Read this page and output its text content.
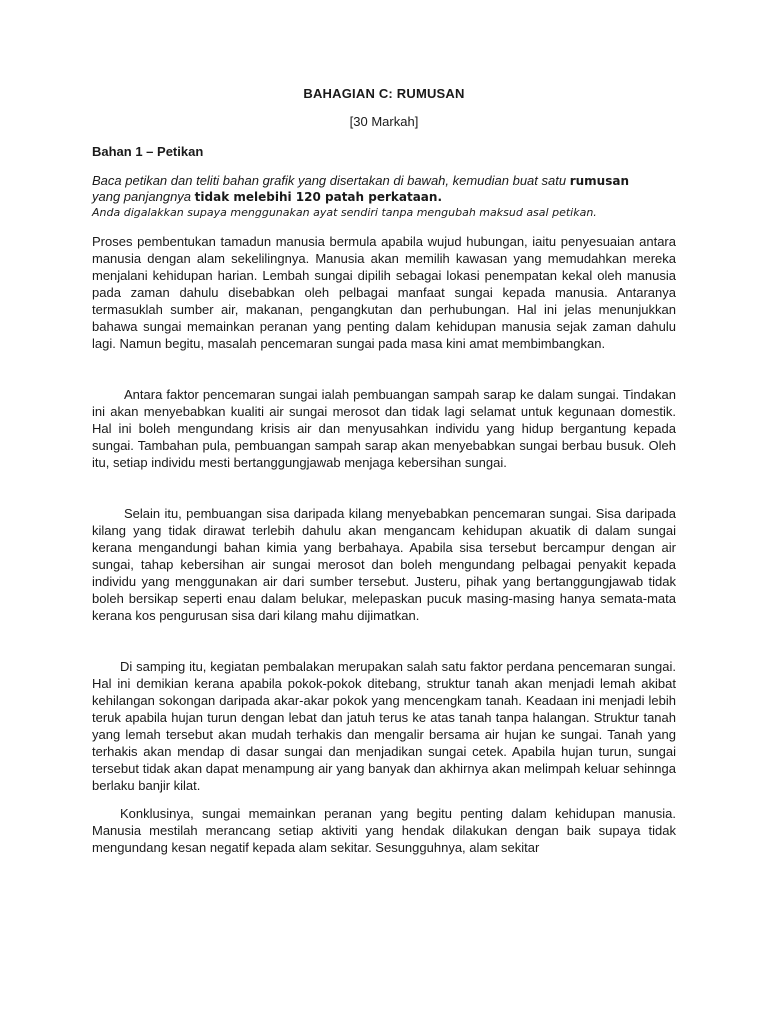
BAHAGIAN C: RUMUSAN
[30 Markah]
Bahan 1 – Petikan

Baca petikan dan teliti bahan grafik yang disertakan di bawah, kemudian buat satu rumusan
yang panjangnya tidak melebihi 120 patah perkataan.

Anda digalakkan supaya menggunakan ayat sendiri tanpa mengubah maksud asal petikan.

Proses pembentukan tamadun manusia bermula apabila wujud hubungan, iaitu penyesuaian antara manusia dengan alam sekelilingnya. Manusia akan memilih kawasan yang memudahkan mereka menjalani kehidupan harian. Lembah sungai dipilih sebagai lokasi penempatan kekal oleh manusia pada zaman dahulu disebabkan oleh pelbagai manfaat sungai kepada manusia. Antaranya termasuklah sumber air, makanan, pengangkutan dan perhubungan. Hal ini jelas menunjukkan bahawa sungai memainkan peranan yang penting dalam kehidupan manusia sejak zaman dahulu lagi. Namun begitu, masalah pencemaran sungai pada masa kini amat membimbangkan.

Antara faktor pencemaran sungai ialah pembuangan sampah sarap ke dalam sungai. Tindakan ini akan menyebabkan kualiti air sungai merosot dan tidak lagi selamat untuk kegunaan domestik. Hal ini boleh mengundang krisis air dan menyusahkan individu yang hidup bergantung kepada sungai. Tambahan pula, pembuangan sampah sarap akan menyebabkan sungai berbau busuk. Oleh itu, setiap individu mesti bertanggungjawab menjaga kebersihan sungai.

Selain itu, pembuangan sisa daripada kilang menyebabkan pencemaran sungai. Sisa daripada kilang yang tidak dirawat terlebih dahulu akan mengancam kehidupan akuatik di dalam sungai kerana mengandungi bahan kimia yang berbahaya. Apabila sisa tersebut bercampur dengan air sungai, tahap kebersihan air sungai merosot dan boleh mengundang pelbagai penyakit kepada individu yang menggunakan air dari sumber tersebut. Justeru, pihak yang bertanggungjawab tidak boleh bersikap seperti enau dalam belukar, melepaskan pucuk masing-masing hanya semata-mata kerana kos pengurusan sisa dari kilang mahu dijimatkan.

Di samping itu, kegiatan pembalakan merupakan salah satu faktor perdana pencemaran sungai. Hal ini demikian kerana apabila pokok-pokok ditebang, struktur tanah akan menjadi lemah akibat kehilangan sokongan daripada akar-akar pokok yang mencengkam tanah. Keadaan ini menjadi lebih teruk apabila hujan turun dengan lebat dan jatuh terus ke atas tanah tanpa halangan. Struktur tanah yang lemah tersebut akan mudah terhakis dan mengalir bersama air hujan ke sungai. Tanah yang terhakis akan mendap di dasar sungai dan menjadikan sungai cetek. Apabila hujan turun, sungai tersebut tidak akan dapat menampung air yang banyak dan akhirnya akan melimpah keluar sehinnga berlaku banjir kilat.

Konklusinya, sungai memainkan peranan yang begitu penting dalam kehidupan manusia. Manusia mestilah merancang setiap aktiviti yang hendak dilakukan dengan baik supaya tidak mengundang kesan negatif kepada alam sekitar. Sesungguhnya, alam sekitar
